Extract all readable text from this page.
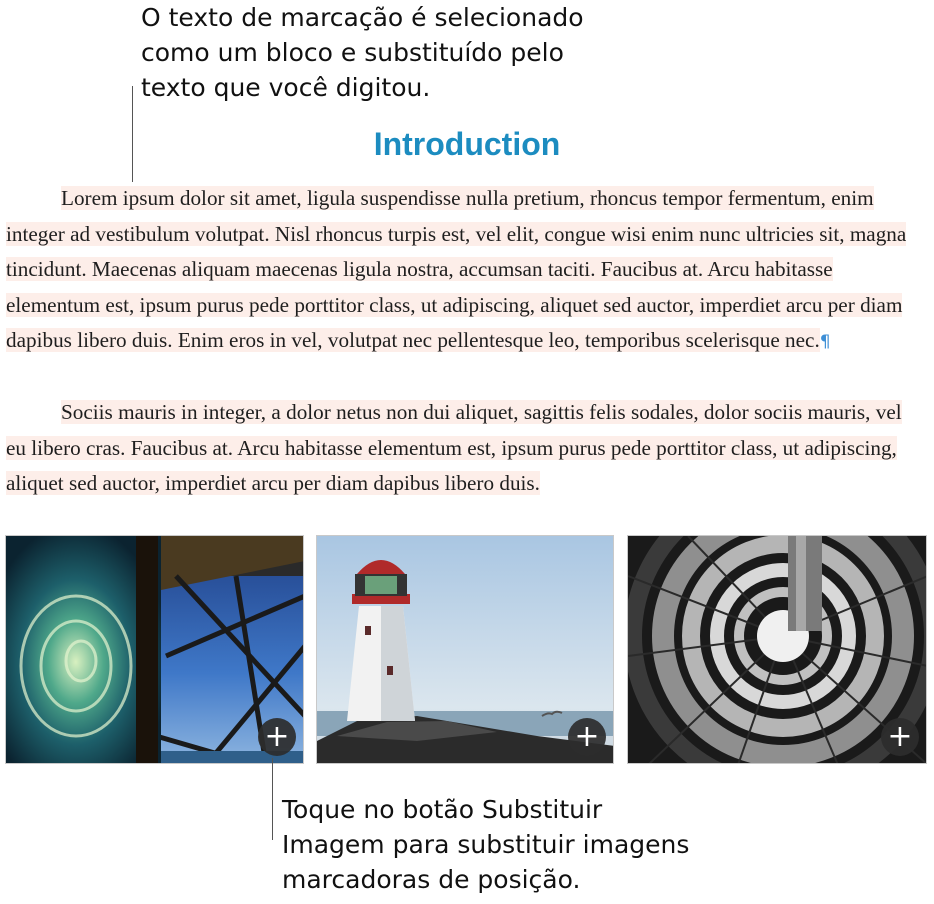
O texto de marcação é selecionado
como um bloco e substituído pelo
texto que você digitou.
Introduction

Lorem ipsum dolor sit amet, ligula suspendisse nulla pretium, rhoncus tempor fermentum, enim integer ad vestibulum volutpat. Nisl rhoncus turpis est, vel elit, congue wisi enim nunc ultricies sit, magna tincidunt. Maecenas aliquam maecenas ligula nostra, accumsan taciti. Faucibus at. Arcu habitasse elementum est, ipsum purus pede porttitor class, ut adipiscing, aliquet sed auctor, imperdiet arcu per diam dapibus libero duis. Enim eros in vel, volutpat nec pellentesque leo, temporibus scelerisque nec.¶

Sociis mauris in integer, a dolor netus non dui aliquet, sagittis felis sodales, dolor sociis mauris, vel eu libero cras. Faucibus at. Arcu habitasse elementum est, ipsum purus pede porttitor class, ut adipiscing, aliquet sed auctor, imperdiet arcu per diam dapibus libero duis.

+	+	+
Toque no botão Substituir
Imagem para substituir imagens
marcadoras de posição.
